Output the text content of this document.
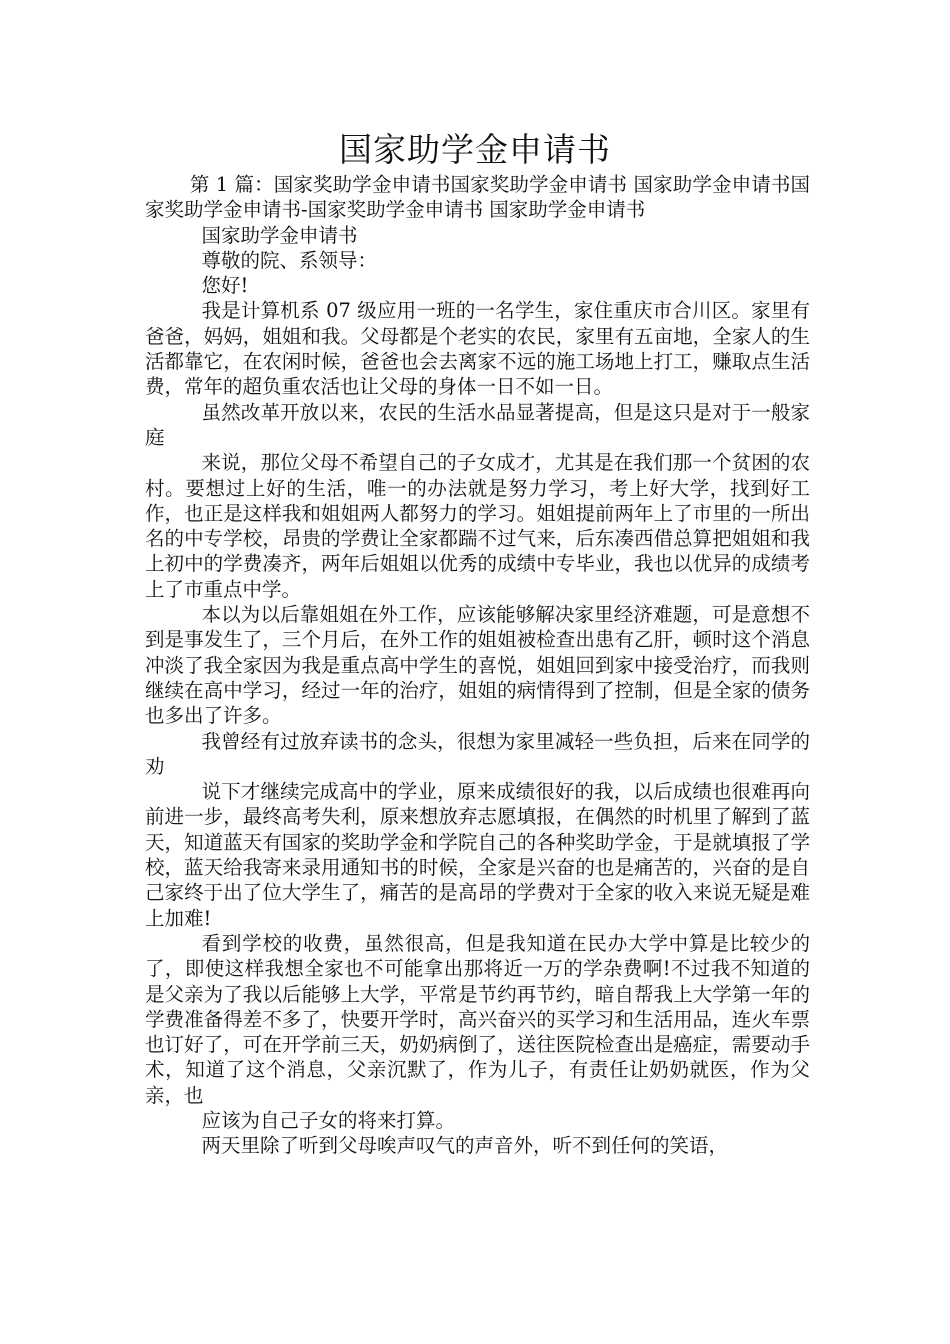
国家助学金申请书

第 1 篇：国家奖助学金申请书国家奖助学金申请书 国家助学金申请书国家奖助学金申请书-国家奖助学金申请书 国家助学金申请书

国家助学金申请书

尊敬的院、系领导：

您好!

我是计算机系 07 级应用一班的一名学生，家住重庆市合川区。家里有爸爸，妈妈，姐姐和我。父母都是个老实的农民，家里有五亩地，全家人的生活都靠它，在农闲时候，爸爸也会去离家不远的施工场地上打工，赚取点生活费，常年的超负重农活也让父母的身体一日不如一日。

虽然改革开放以来，农民的生活水品显著提高，但是这只是对于一般家庭

来说，那位父母不希望自己的子女成才，尤其是在我们那一个贫困的农村。要想过上好的生活，唯一的办法就是努力学习，考上好大学，找到好工作，也正是这样我和姐姐两人都努力的学习。姐姐提前两年上了市里的一所出名的中专学校，昂贵的学费让全家都踹不过气来，后东凑西借总算把姐姐和我上初中的学费凑齐，两年后姐姐以优秀的成绩中专毕业，我也以优异的成绩考上了市重点中学。

本以为以后靠姐姐在外工作，应该能够解决家里经济难题，可是意想不到是事发生了，三个月后，在外工作的姐姐被检查出患有乙肝，顿时这个消息冲淡了我全家因为我是重点高中学生的喜悦，姐姐回到家中接受治疗，而我则继续在高中学习，经过一年的治疗，姐姐的病情得到了控制，但是全家的债务也多出了许多。

我曾经有过放弃读书的念头，很想为家里减轻一些负担，后来在同学的劝

说下才继续完成高中的学业，原来成绩很好的我，以后成绩也很难再向前进一步，最终高考失利，原来想放弃志愿填报，在偶然的时机里了解到了蓝天，知道蓝天有国家的奖助学金和学院自己的各种奖助学金，于是就填报了学校，蓝天给我寄来录用通知书的时候，全家是兴奋的也是痛苦的，兴奋的是自己家终于出了位大学生了，痛苦的是高昂的学费对于全家的收入来说无疑是难上加难!

看到学校的收费，虽然很高，但是我知道在民办大学中算是比较少的了，即使这样我想全家也不可能拿出那将近一万的学杂费啊!不过我不知道的是父亲为了我以后能够上大学，平常是节约再节约，暗自帮我上大学第一年的学费准备得差不多了，快要开学时，高兴奋兴的买学习和生活用品，连火车票也订好了，可在开学前三天，奶奶病倒了，送往医院检查出是癌症，需要动手术，知道了这个消息，父亲沉默了，作为儿子，有责任让奶奶就医，作为父亲，也

应该为自己子女的将来打算。

两天里除了听到父母唉声叹气的声音外，听不到任何的笑语，
